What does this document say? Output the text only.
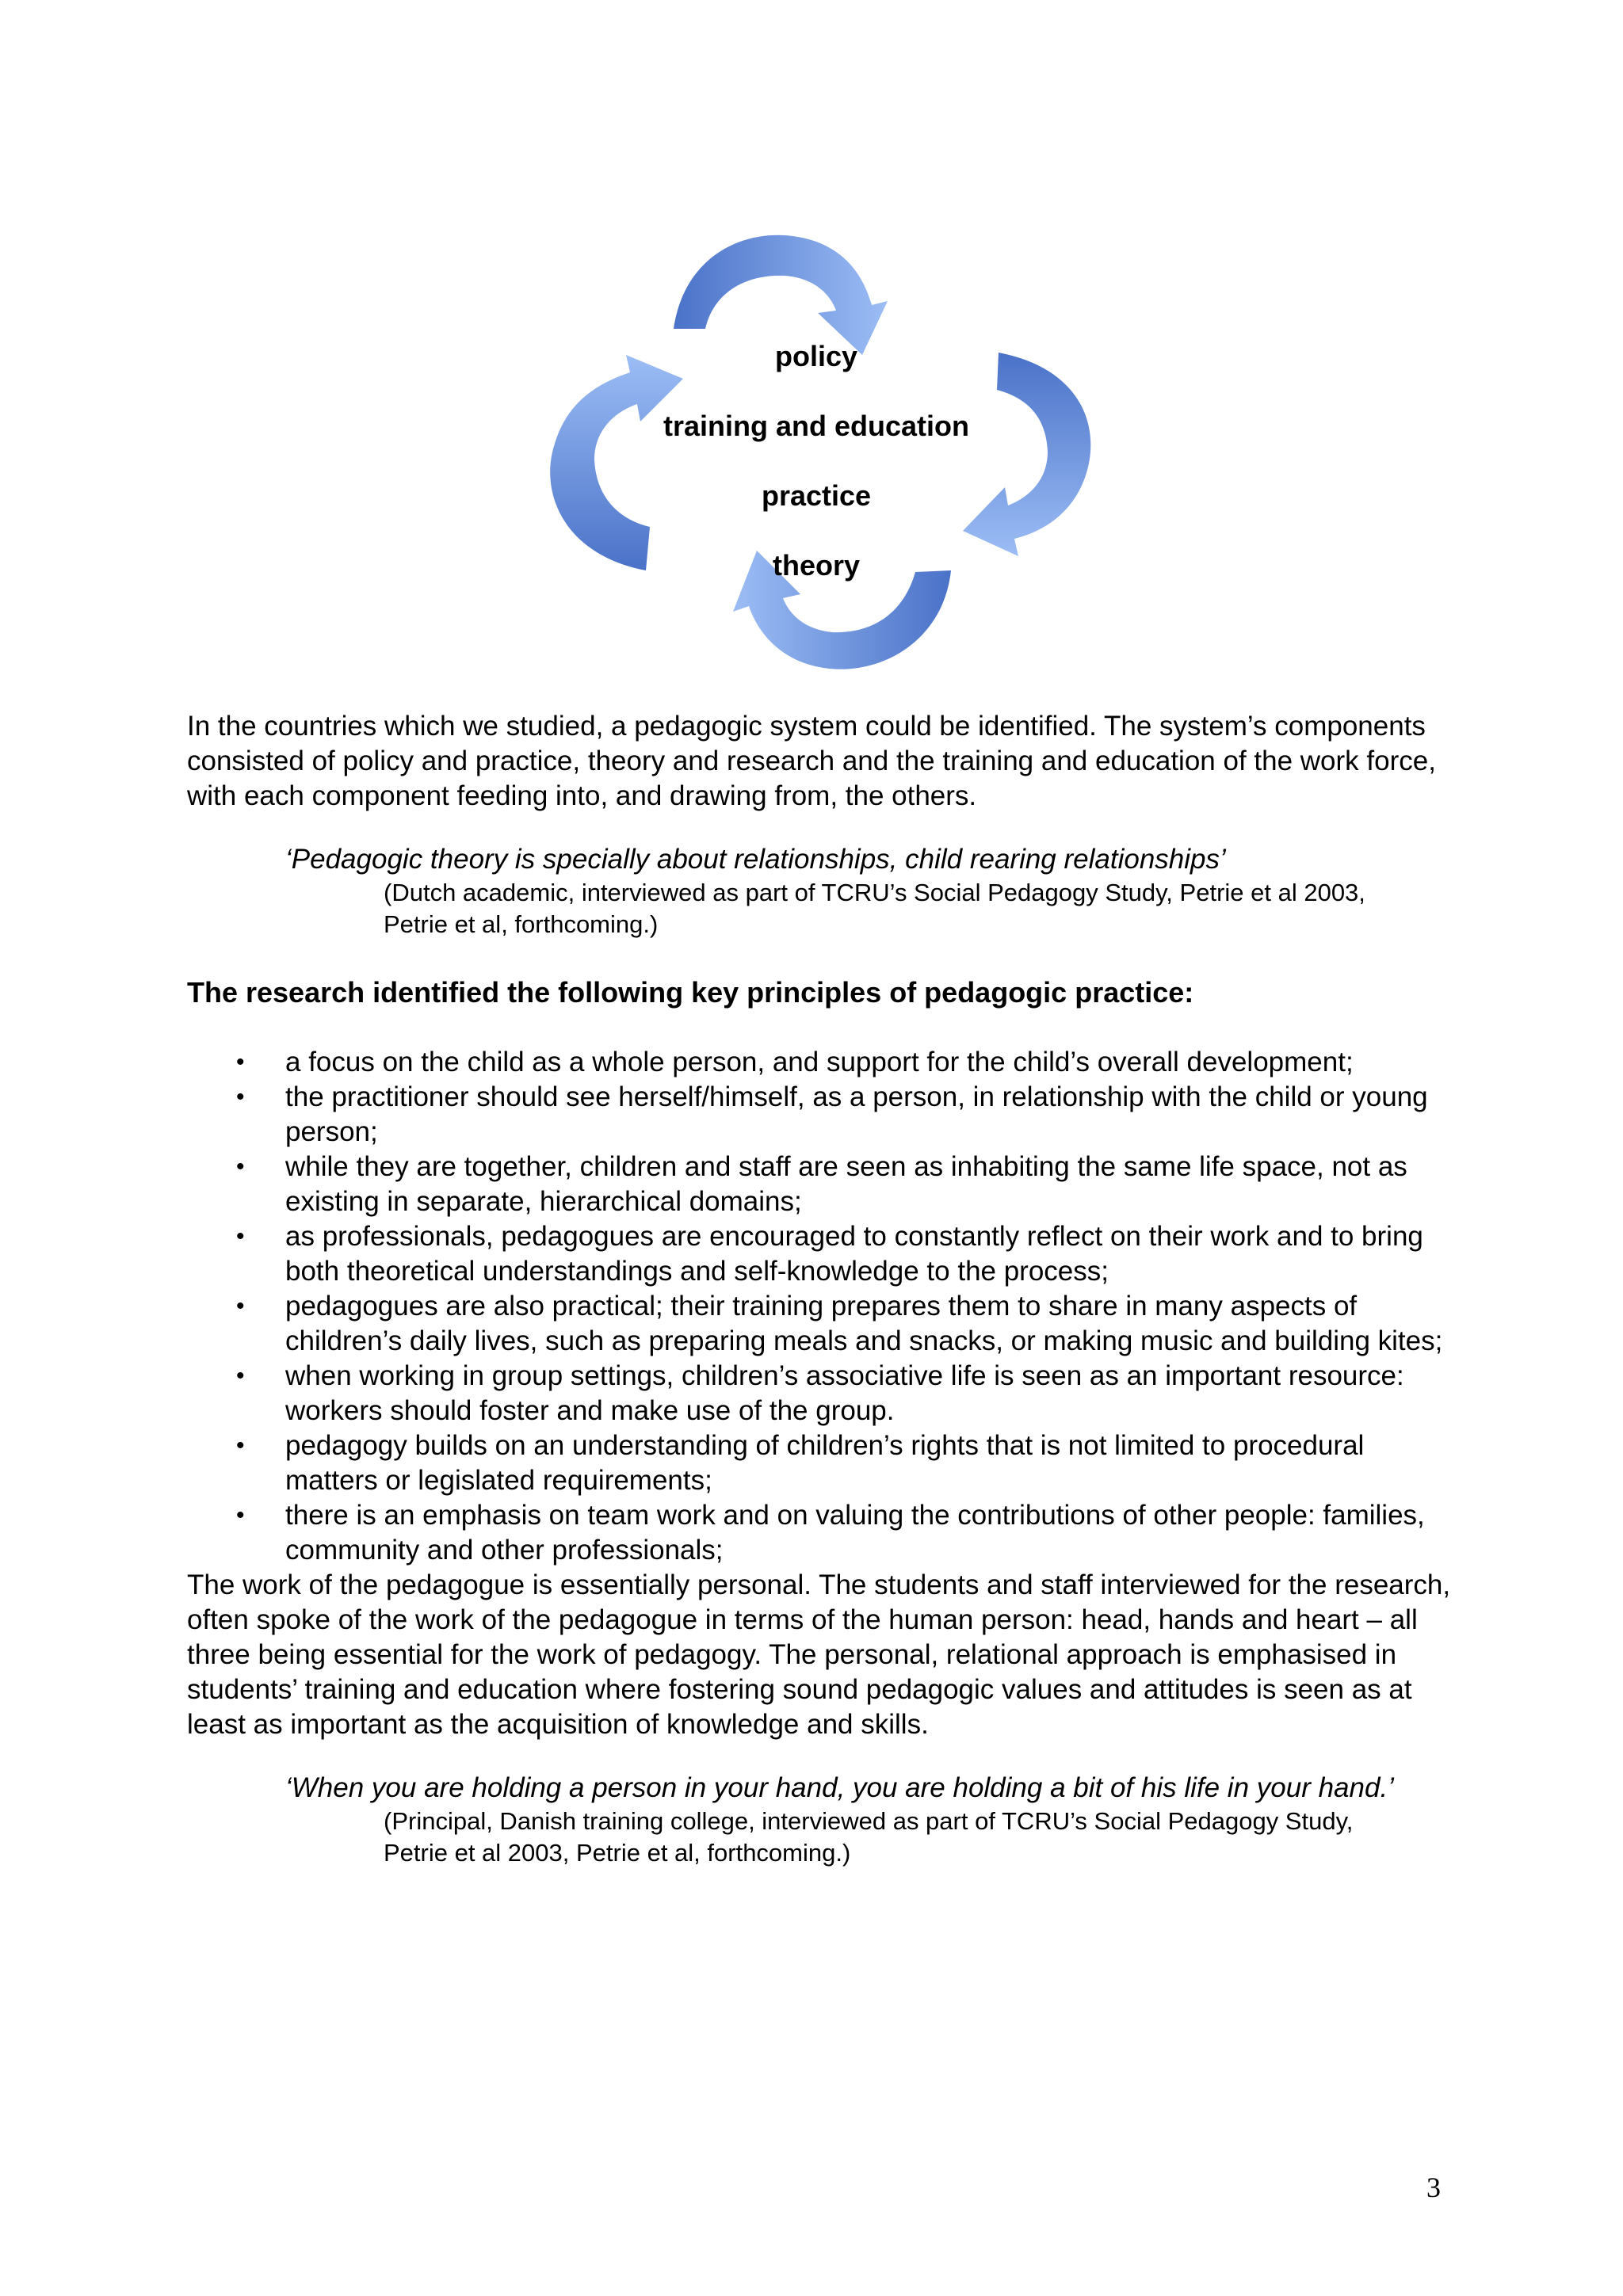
policy
training and education
practice
theory

In the countries which we studied, a pedagogic system could be identified. The system’s components consisted of policy and practice, theory and research and the training and education of the work force, with each component feeding into, and drawing from, the others.

‘Pedagogic theory is specially about relationships, child rearing relationships’
(Dutch academic, interviewed as part of TCRU’s Social Pedagogy Study, Petrie et al 2003, Petrie et al, forthcoming.)
The research identified the following key principles of pedagogic practice:
• a focus on the child as a whole person, and support for the child’s overall development;
• the practitioner should see herself/himself, as a person, in relationship with the child or young person;
• while they are together, children and staff are seen as inhabiting the same life space, not as existing in separate, hierarchical domains;
• as professionals, pedagogues are encouraged to constantly reflect on their work and to bring both theoretical understandings and self-knowledge to the process;
• pedagogues are also practical; their training prepares them to share in many aspects of children’s daily lives, such as preparing meals and snacks, or making music and building kites;
• when working in group settings, children’s associative life is seen as an important resource: workers should foster and make use of the group.
• pedagogy builds on an understanding of children’s rights that is not limited to procedural matters or legislated requirements;
• there is an emphasis on team work and on valuing the contributions of other people: families, community and other professionals;

The work of the pedagogue is essentially personal. The students and staff interviewed for the research, often spoke of the work of the pedagogue in terms of the human person: head, hands and heart – all three being essential for the work of pedagogy. The personal, relational approach is emphasised in students’ training and education where fostering sound pedagogic values and attitudes is seen as at least as important as the acquisition of knowledge and skills.

‘When you are holding a person in your hand, you are holding a bit of his life in your hand.’
(Principal, Danish training college, interviewed as part of TCRU’s Social Pedagogy Study, Petrie et al 2003, Petrie et al, forthcoming.)
3
